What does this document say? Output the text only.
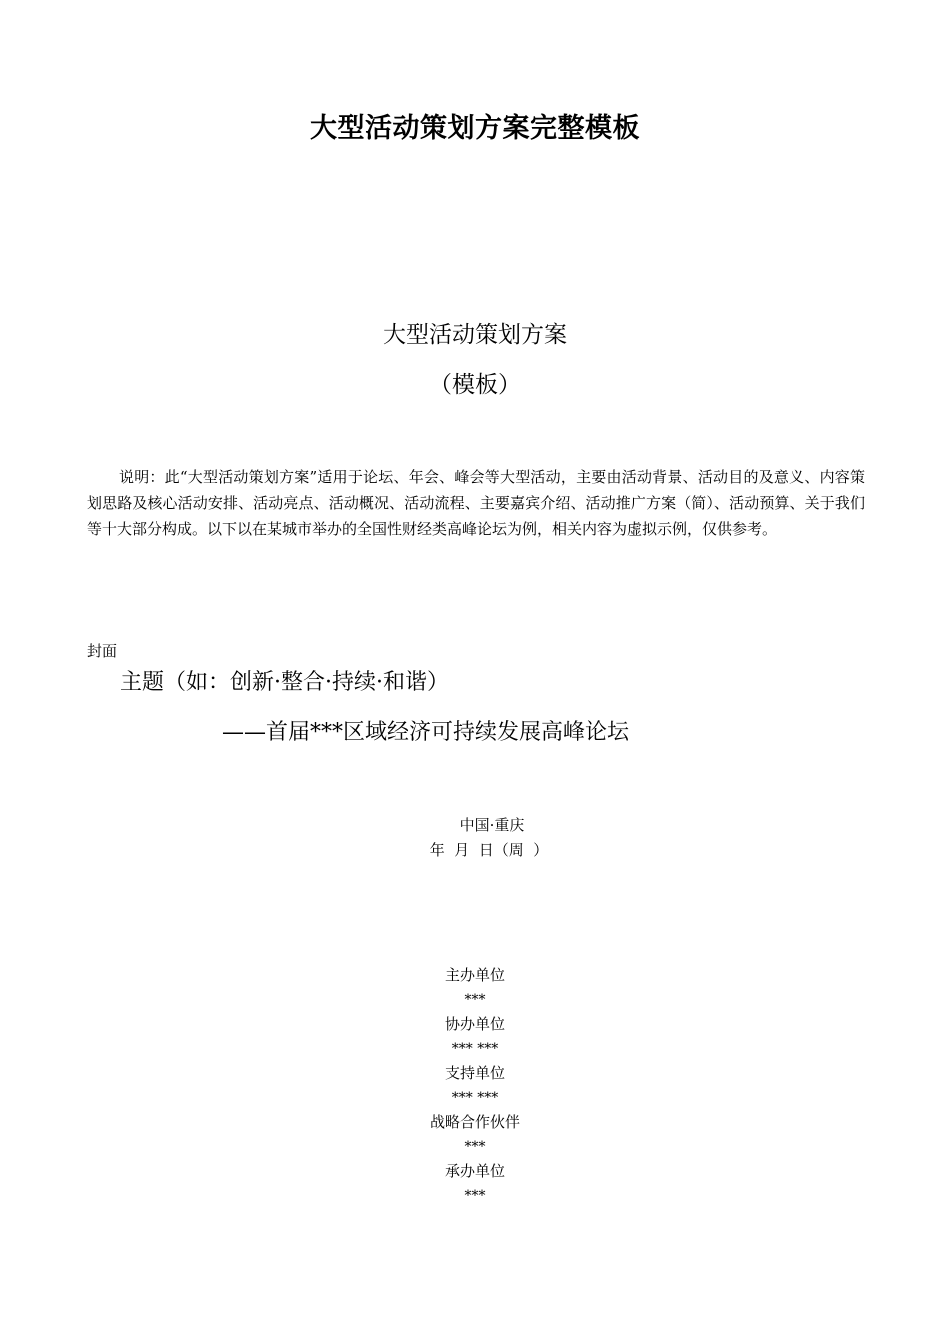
大型活动策划方案完整模板
大型活动策划方案
（模板）
说明：此“大型活动策划方案”适用于论坛、年会、峰会等大型活动，主要由活动背景、活动目的及意义、内容策划思路及核心活动安排、活动亮点、活动概况、活动流程、主要嘉宾介绍、活动推广方案（简）、活动预算、关于我们等十大部分构成。以下以在某城市举办的全国性财经类高峰论坛为例，相关内容为虚拟示例，仅供参考。
封面
主题（如：创新·整合·持续·和谐）
——首届***区域经济可持续发展高峰论坛
中国·重庆
年  月  日（周  ）
主办单位
***
协办单位
*** ***
支持单位
*** ***
战略合作伙伴
***
承办单位
***
